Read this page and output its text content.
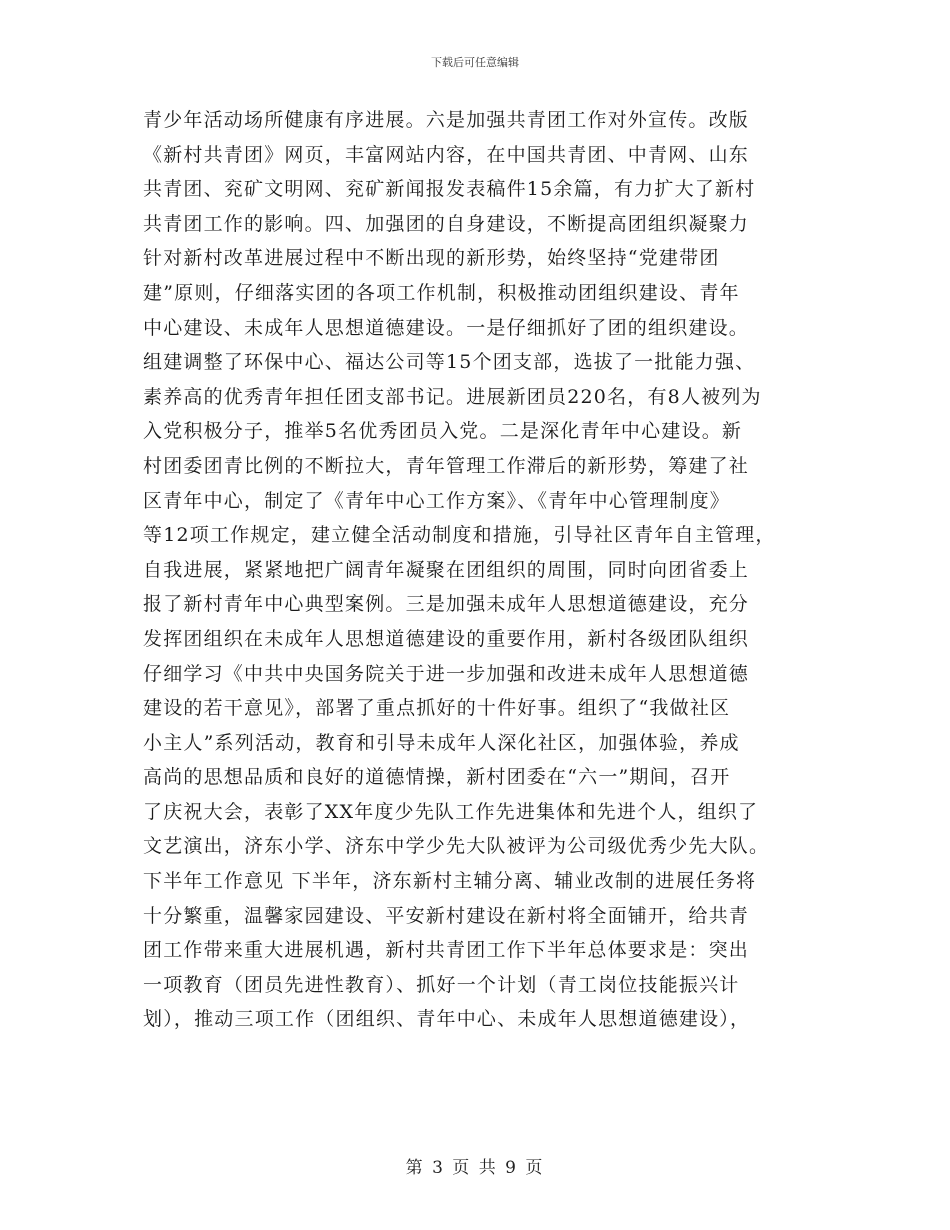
下载后可任意编辑
青少年活动场所健康有序进展。六是加强共青团工作对外宣传。改版
《新村共青团》网页，丰富网站内容，在中国共青团、中青网、山东
共青团、兖矿文明网、兖矿新闻报发表稿件15余篇，有力扩大了新村
共青团工作的影响。四、加强团的自身建设，不断提高团组织凝聚力
针对新村改革进展过程中不断出现的新形势，始终坚持“党建带团
建”原则，仔细落实团的各项工作机制，积极推动团组织建设、青年
中心建设、未成年人思想道德建设。一是仔细抓好了团的组织建设。
组建调整了环保中心、福达公司等15个团支部，选拔了一批能力强、
素养高的优秀青年担任团支部书记。进展新团员220名，有8人被列为
入党积极分子，推举5名优秀团员入党。二是深化青年中心建设。新
村团委团青比例的不断拉大，青年管理工作滞后的新形势，筹建了社
区青年中心，制定了《青年中心工作方案》、《青年中心管理制度》
等12项工作规定，建立健全活动制度和措施，引导社区青年自主管理，
自我进展，紧紧地把广阔青年凝聚在团组织的周围，同时向团省委上
报了新村青年中心典型案例。三是加强未成年人思想道德建设，充分
发挥团组织在未成年人思想道德建设的重要作用，新村各级团队组织
仔细学习《中共中央国务院关于进一步加强和改进未成年人思想道德
建设的若干意见》，部署了重点抓好的十件好事。组织了“我做社区
小主人”系列活动，教育和引导未成年人深化社区，加强体验，养成
高尚的思想品质和良好的道德情操，新村团委在“六一”期间，召开
了庆祝大会，表彰了XX年度少先队工作先进集体和先进个人，组织了
文艺演出，济东小学、济东中学少先大队被评为公司级优秀少先大队。
下半年工作意见 下半年，济东新村主辅分离、辅业改制的进展任务将
十分繁重，温馨家园建设、平安新村建设在新村将全面铺开，给共青
团工作带来重大进展机遇，新村共青团工作下半年总体要求是：突出
一项教育（团员先进性教育）、抓好一个计划（青工岗位技能振兴计
划），推动三项工作（团组织、青年中心、未成年人思想道德建设），
第 3 页 共 9 页
